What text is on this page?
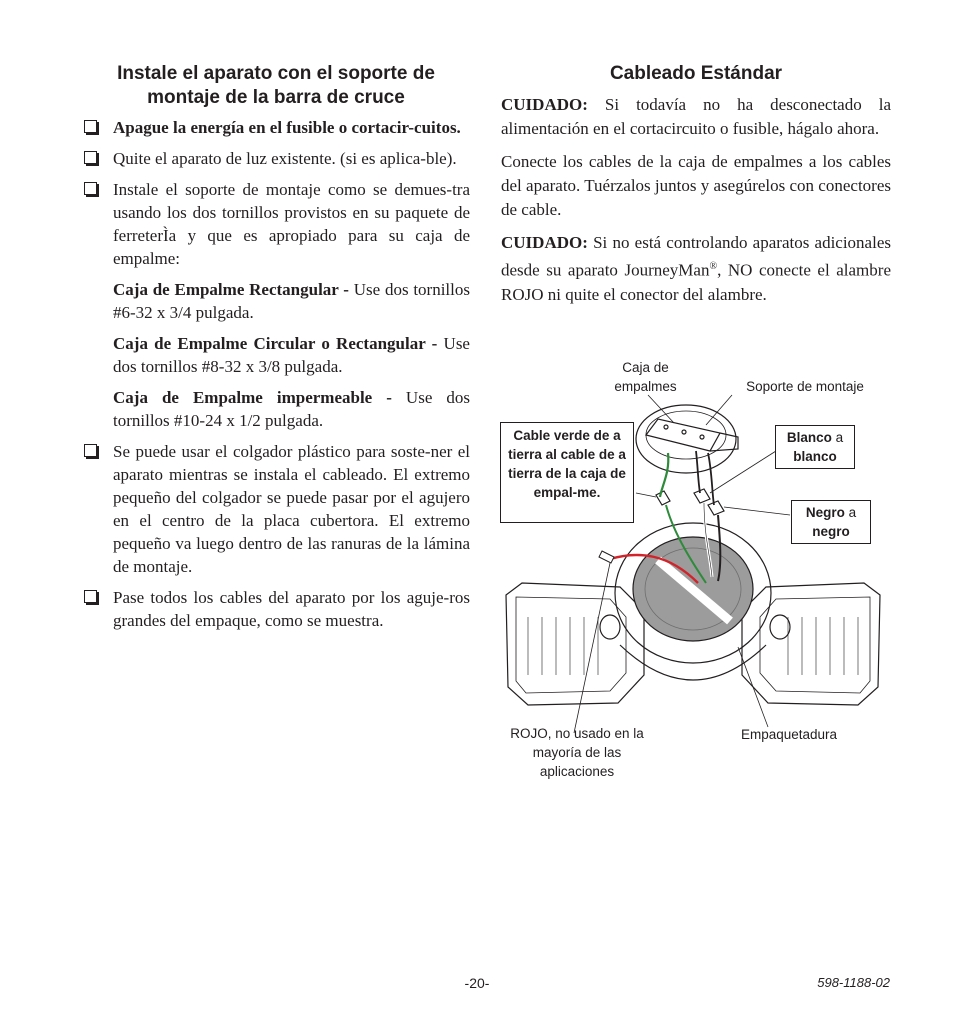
Instale el aparato con el soporte de montaje de la barra de cruce
Apague la energía en el fusible o cortacir-cuitos.
Quite el aparato de luz existente. (si es aplica-ble).
Instale el soporte de montaje como se demues-tra usando los dos tornillos provistos en su paquete de ferreterÌa y que es apropiado para su caja de empalme:
Caja de Empalme Rectangular - Use dos tornillos #6-32 x 3/4 pulgada.
Caja de Empalme Circular o Rectangular - Use dos tornillos #8-32 x 3/8 pulgada.
Caja de Empalme impermeable - Use dos tornillos #10-24 x 1/2 pulgada.
Se puede usar el colgador plástico para soste-ner el aparato mientras se instala el cableado. El extremo pequeño del colgador se puede pasar por el agujero en el centro de la placa cubertora. El extremo pequeño va luego dentro de las ranuras de la lámina de montaje.
Pase todos los cables del aparato por los aguje-ros grandes del empaque, como se muestra.
Cableado Estándar

CUIDADO: Si todavía no ha desconectado la alimentación en el cortacircuito o fusible, hágalo ahora.

Conecte los cables de la caja de empalmes a los cables del aparato. Tuérzalos juntos y asegúrelos con conectores de cable.

CUIDADO: Si no está controlando aparatos adicionales desde su aparato JourneyMan®, NO conecte el alambre ROJO ni quite el conector del alambre.

Caja de empalmes	Soporte de montaje
Cable verde de a tierra al cable de a tierra de la caja de empal-me.
Blanco a
blanco
Negro a
negro
ROJO, no usado en la mayoría de las aplicaciones
Empaquetadura
-20-	598-1188-02
